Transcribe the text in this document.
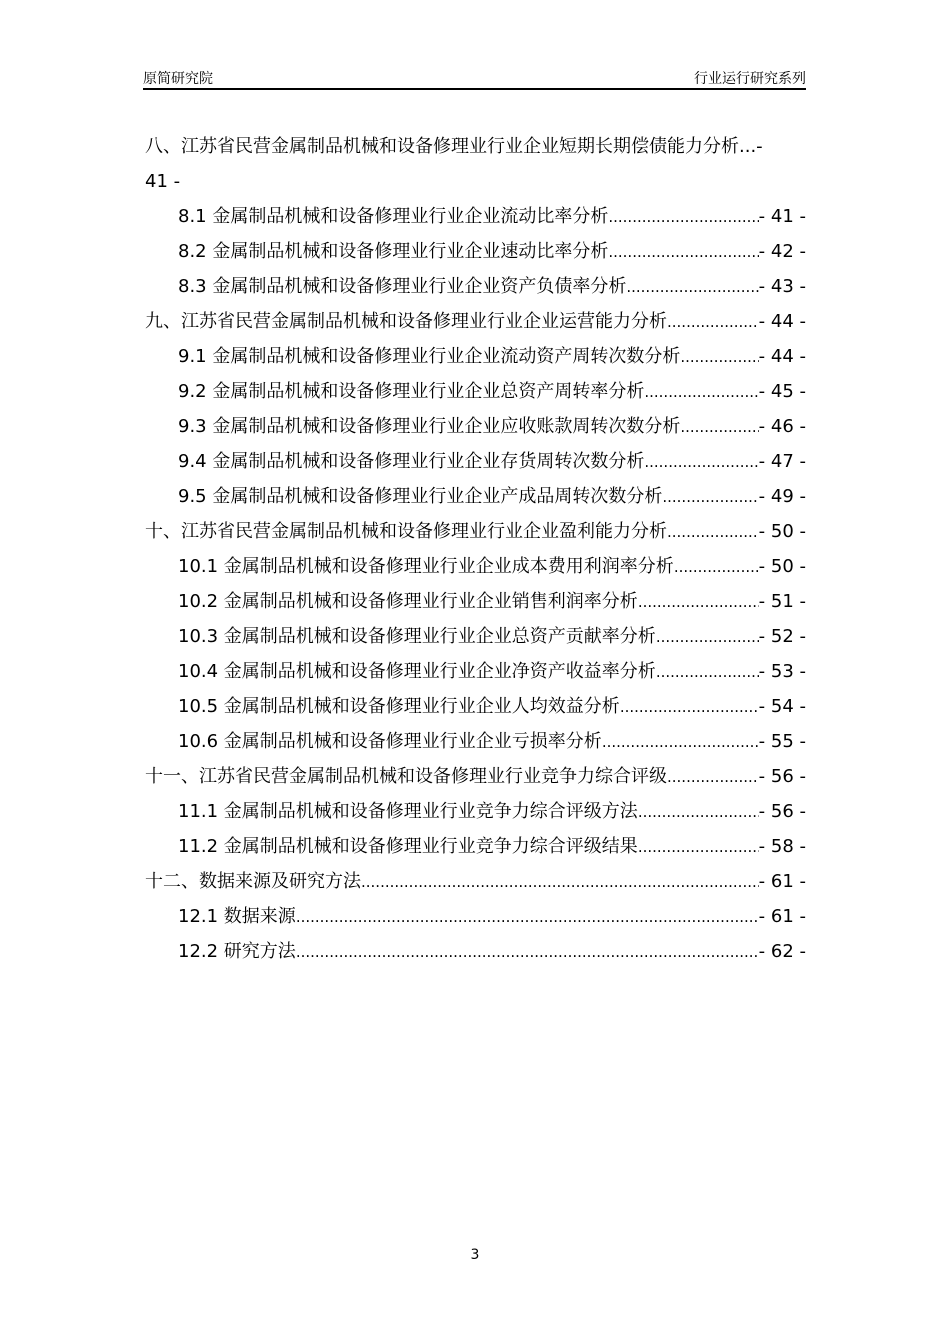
原简研究院	行业运行研究系列
八、江苏省民营金属制品机械和设备修理业行业企业短期长期偿债能力分析 ...-
41 -
8.1 金属制品机械和设备修理业行业企业流动比率分析 .....	- 41 -
8.2 金属制品机械和设备修理业行业企业速动比率分析 .....	- 42 -
8.3 金属制品机械和设备修理业行业企业资产负债率分析 .....	- 43 -
九、江苏省民营金属制品机械和设备修理业行业企业运营能力分析 .....	- 44 -
9.1 金属制品机械和设备修理业行业企业流动资产周转次数分析 .....	- 44 -
9.2 金属制品机械和设备修理业行业企业总资产周转率分析 .....	- 45 -
9.3 金属制品机械和设备修理业行业企业应收账款周转次数分析 .....	- 46 -
9.4 金属制品机械和设备修理业行业企业存货周转次数分析 .....	- 47 -
9.5 金属制品机械和设备修理业行业企业产成品周转次数分析 .....	- 49 -
十、江苏省民营金属制品机械和设备修理业行业企业盈利能力分析 .....	- 50 -
10.1 金属制品机械和设备修理业行业企业成本费用利润率分析 .....	- 50 -
10.2 金属制品机械和设备修理业行业企业销售利润率分析 .....	- 51 -
10.3 金属制品机械和设备修理业行业企业总资产贡献率分析 .....	- 52 -
10.4 金属制品机械和设备修理业行业企业净资产收益率分析 .....	- 53 -
10.5 金属制品机械和设备修理业行业企业人均效益分析 .....	- 54 -
10.6 金属制品机械和设备修理业行业企业亏损率分析 .....	- 55 -
十一、江苏省民营金属制品机械和设备修理业行业竞争力综合评级 .....	- 56 -
11.1 金属制品机械和设备修理业行业竞争力综合评级方法 .....	- 56 -
11.2 金属制品机械和设备修理业行业竞争力综合评级结果 .....	- 58 -
十二、数据来源及研究方法 .....	- 61 -
12.1 数据来源 .....	- 61 -
12.2 研究方法 .....	- 62 -
3
